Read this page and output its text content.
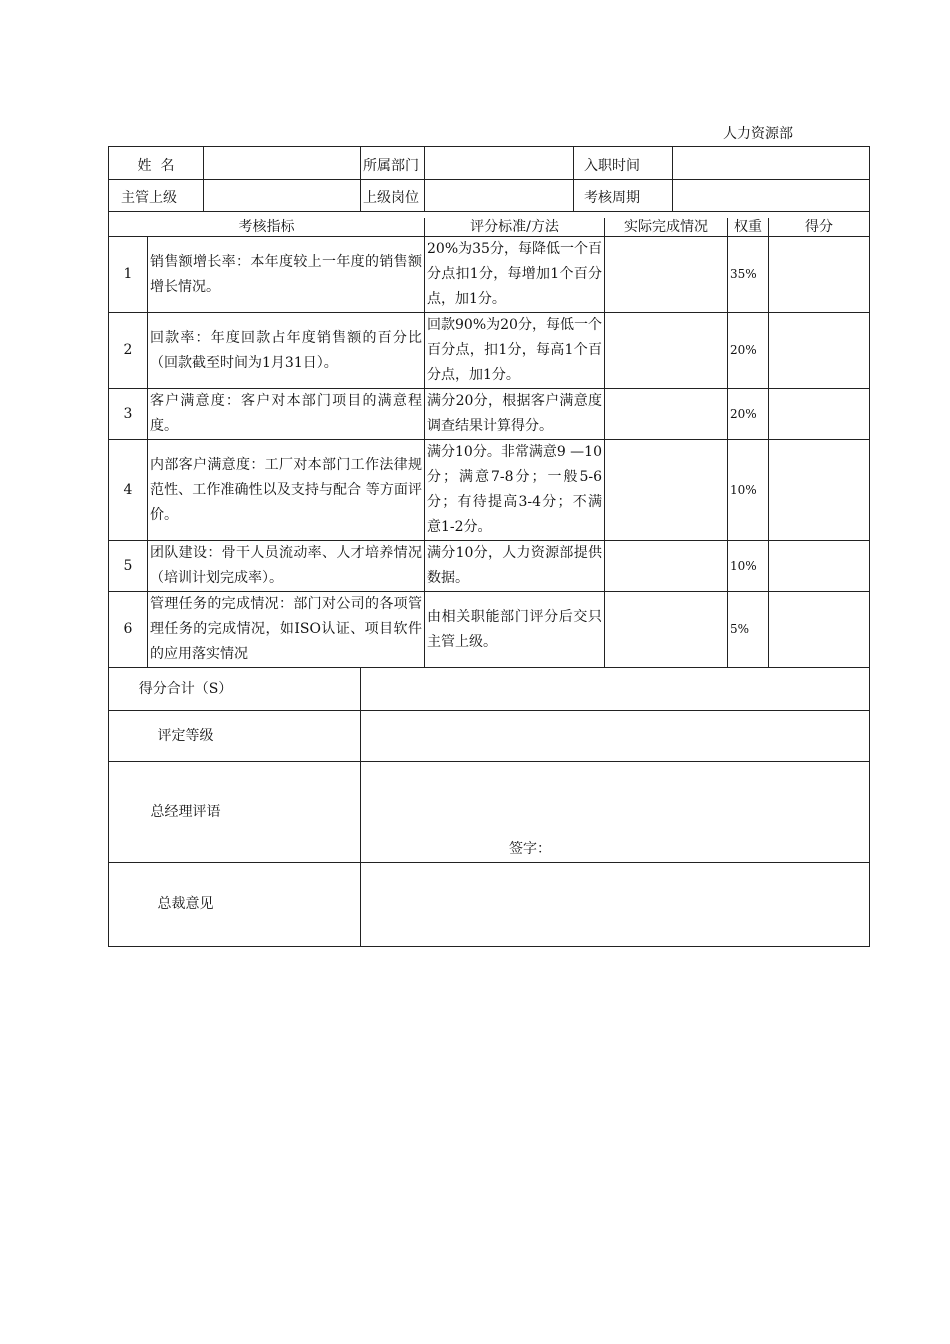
人力资源部
姓  名			所属部门		入职时间				
主管上级			上级岗位		考核周期				

考核指标				评分标准/方法		实际完成情况		权重	得分
1	销售额增长率：本年度较上一年度的销售额增长情况。			20%为35分，每降低一个百分点扣1分，每增加1个百分点，加1分。				35%	
2	回款率：年度回款占年度销售额的百分比（回款截至时间为1月31日）。			回款90%为20分，每低一个百分点，扣1分，每高1个百分点，加1分。				20%	
3	客户满意度：客户对本部门项目的满意程度。			满分20分，根据客户满意度调查结果计算得分。				20%	
4	内部客户满意度：工厂对本部门工作法律规范性、工作准确性以及支持与配合 等方面评价。			满分10分。非常满意9 —10分；满意7-8分；一般5-6分；有待提高3-4分；不满意1-2分。				10%	
5	团队建设：骨干人员流动率、人才培养情况（培训计划完成率）。			满分10分，人力资源部提供数据。				10%	
6	管理任务的完成情况：部门对公司的各项管理任务的完成情况，如ISO认证、项目软件的应用落实情况			由相关职能部门评分后交只主管上级。				5%	
得分合计（S）									
评定等级									
总经理评语			签字：						
总裁意见									
